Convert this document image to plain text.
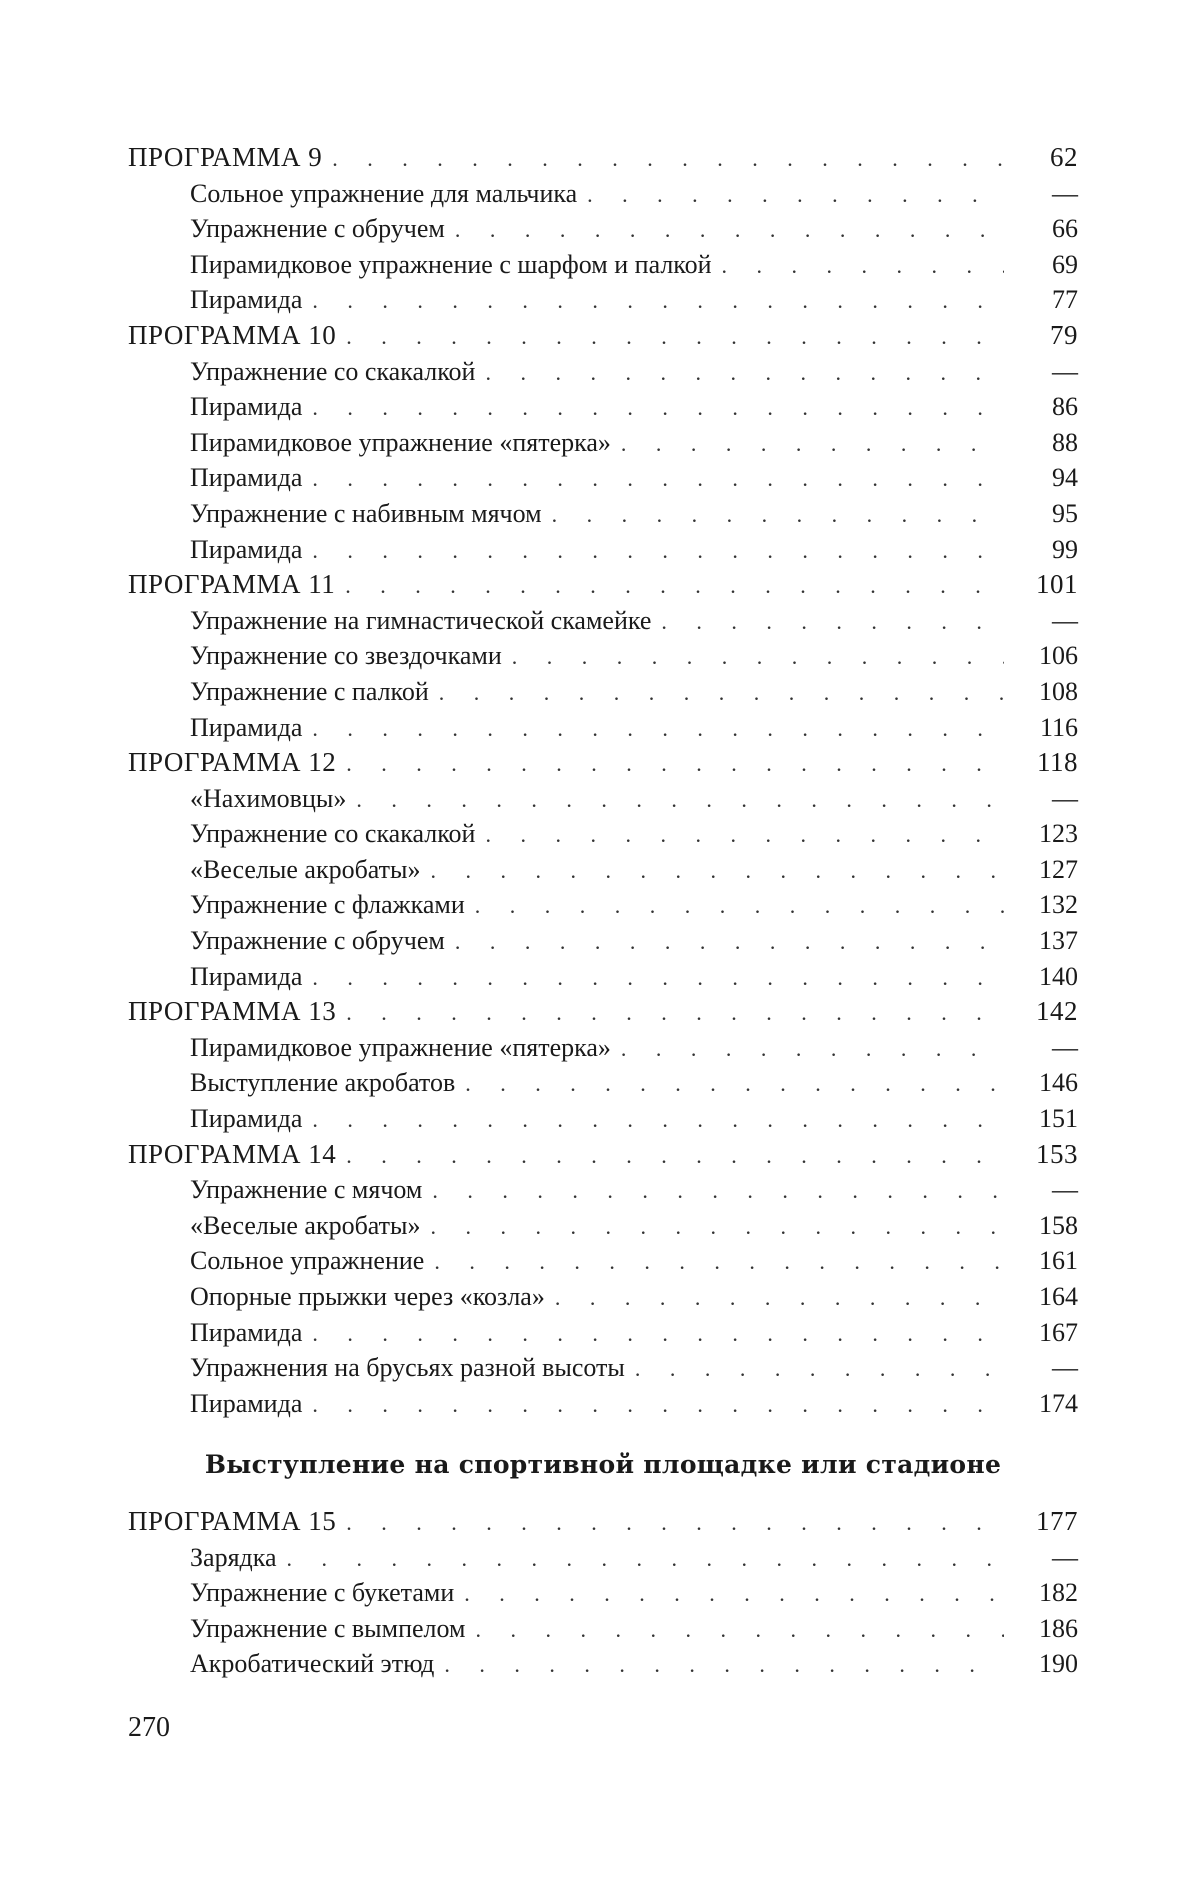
ПРОГРАММА 9 . . .	62
Сольное упражнение для мальчика . . .	—
Упражнение с обручем . . .	66
Пирамидковое упражнение с шарфом и палкой . . .	69
Пирамида . . .	77
ПРОГРАММА 10 . . .	79
Упражнение со скакалкой . . .	—
Пирамида . . .	86
Пирамидковое упражнение «пятерка» . . .	88
Пирамида . . .	94
Упражнение с набивным мячом . . .	95
Пирамида . . .	99
ПРОГРАММА 11 . . .	101
Упражнение на гимнастической скамейке . . .	—
Упражнение со звездочками . . .	106
Упражнение с палкой . . .	108
Пирамида . . .	116
ПРОГРАММА 12 . . .	118
«Нахимовцы» . . .	—
Упражнение со скакалкой . . .	123
«Веселые акробаты» . . .	127
Упражнение с флажками . . .	132
Упражнение с обручем . . .	137
Пирамида . . .	140
ПРОГРАММА 13 . . .	142
Пирамидковое упражнение «пятерка» . . .	—
Выступление акробатов . . .	146
Пирамида . . .	151
ПРОГРАММА 14 . . .	153
Упражнение с мячом . . .	—
«Веселые акробаты» . . .	158
Сольное упражнение . . .	161
Опорные прыжки через «козла» . . .	164
Пирамида . . .	167
Упражнения на брусьях разной высоты . . .	—
Пирамида . . .	174
Выступление на спортивной площадке или стадионе
ПРОГРАММА 15 . . .	177
Зарядка . . .	—
Упражнение с букетами . . .	182
Упражнение с вымпелом . . .	186
Акробатический этюд . . .	190
270
